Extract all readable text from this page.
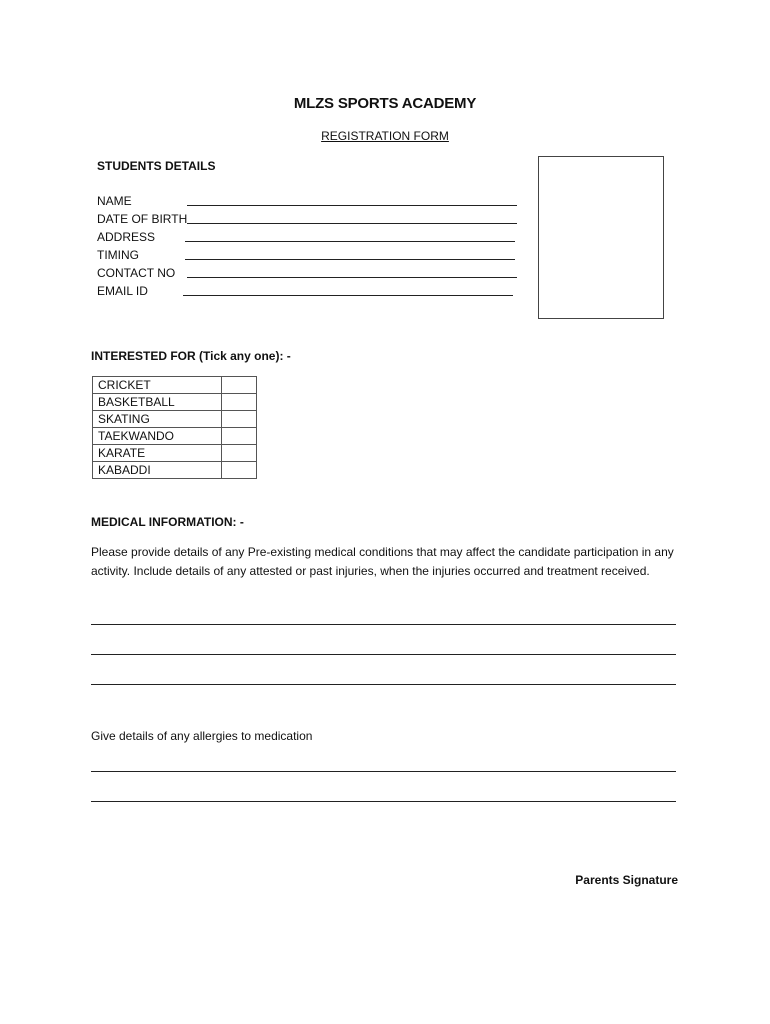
MLZS SPORTS ACADEMY
REGISTRATION FORM
STUDENTS DETAILS
NAME
DATE OF BIRTH
ADDRESS
TIMING
CONTACT NO
EMAIL ID
INTERESTED FOR (Tick any one): -
CRICKET	
BASKETBALL	
SKATING	
TAEKWANDO	
KARATE	
KABADDI	
MEDICAL INFORMATION: -
Please provide details of any Pre-existing medical conditions that may affect the candidate participation in any activity. Include details of any attested or past injuries, when the injuries occurred and treatment received.
Give details of any allergies to medication
Parents Signature
